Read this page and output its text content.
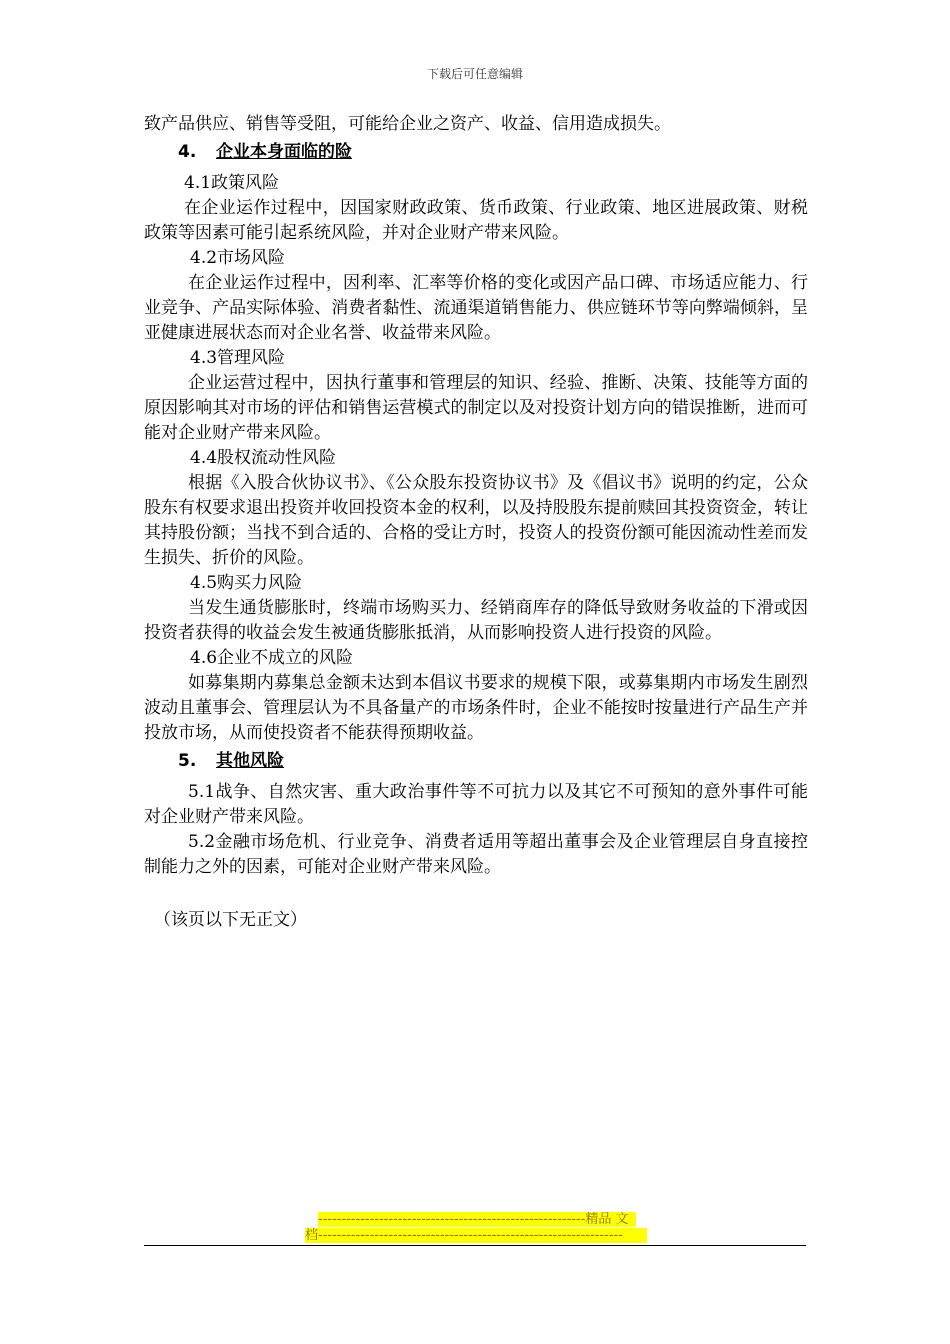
下载后可任意编辑

致产品供应、销售等受阻，可能给企业之资产、收益、信用造成损失。

4. 企业本身面临的险

4.1政策风险

在企业运作过程中，因国家财政政策、货币政策、行业政策、地区进展政策、财税政策等因素可能引起系统风险，并对企业财产带来风险。

4.2市场风险

在企业运作过程中，因利率、汇率等价格的变化或因产品口碑、市场适应能力、行业竞争、产品实际体验、消费者黏性、流通渠道销售能力、供应链环节等向弊端倾斜，呈亚健康进展状态而对企业名誉、收益带来风险。

4.3管理风险

企业运营过程中，因执行董事和管理层的知识、经验、推断、决策、技能等方面的原因影响其对市场的评估和销售运营模式的制定以及对投资计划方向的错误推断，进而可能对企业财产带来风险。

4.4股权流动性风险

根据《入股合伙协议书》、《公众股东投资协议书》及《倡议书》说明的约定，公众股东有权要求退出投资并收回投资本金的权利，以及持股股东提前赎回其投资资金，转让其持股份额；当找不到合适的、合格的受让方时，投资人的投资份额可能因流动性差而发生损失、折价的风险。

4.5购买力风险

当发生通货膨胀时，终端市场购买力、经销商库存的降低导致财务收益的下滑或因投资者获得的收益会发生被通货膨胀抵消，从而影响投资人进行投资的风险。

4.6企业不成立的风险

如募集期内募集总金额未达到本倡议书要求的规模下限，或募集期内市场发生剧烈波动且董事会、管理层认为不具备量产的市场条件时，企业不能按时按量进行产品生产并投放市场，从而使投资者不能获得预期收益。

5. 其他风险

5.1战争、自然灾害、重大政治事件等不可抗力以及其它不可预知的意外事件可能对企业财产带来风险。

5.2金融市场危机、行业竞争、消费者适用等超出董事会及企业管理层自身直接控制能力之外的因素，可能对企业财产带来风险。

（该页以下无正文）

---------------------------------------------------------精品 文
档-----------------------------------------------------------------
